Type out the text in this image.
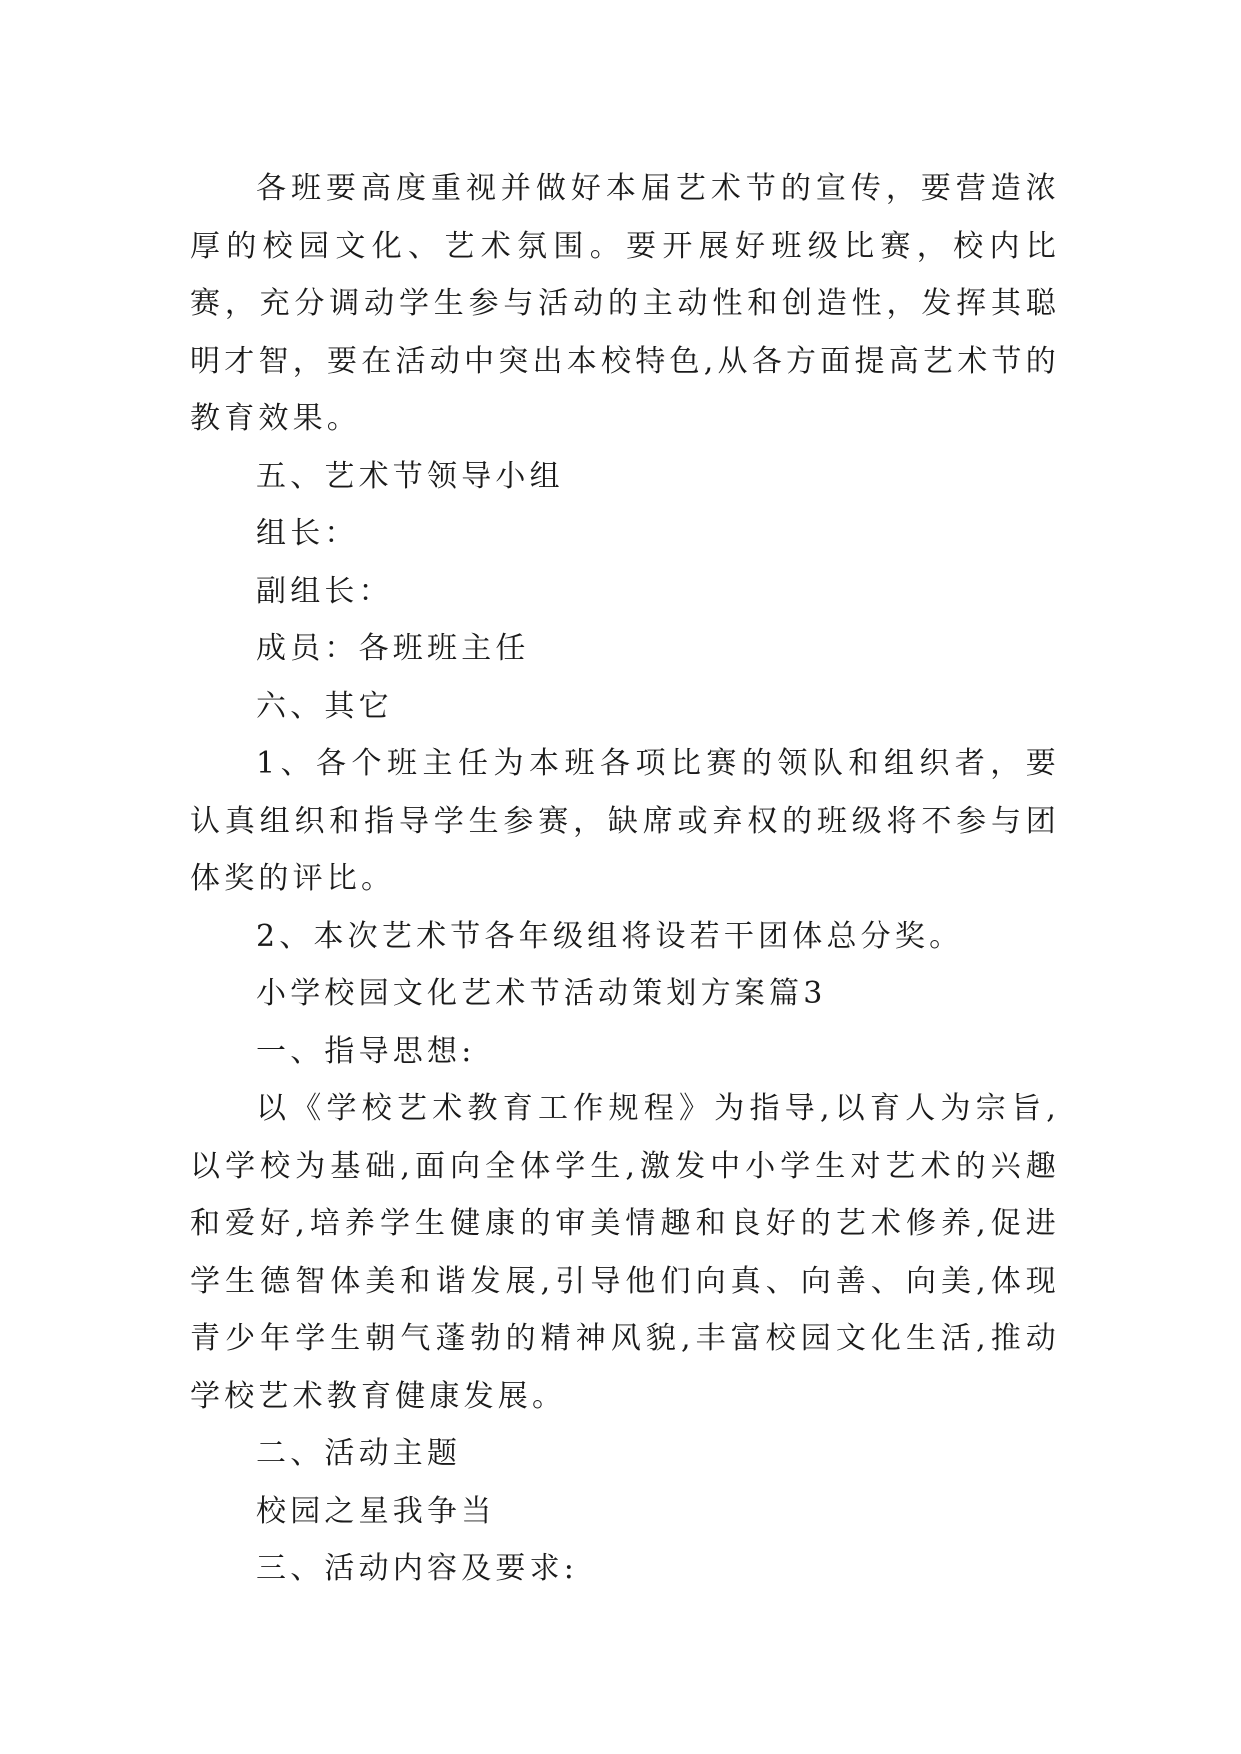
各班要高度重视并做好本届艺术节的宣传，要营造浓厚的校园文化、艺术氛围。要开展好班级比赛，校内比赛，充分调动学生参与活动的主动性和创造性，发挥其聪明才智，要在活动中突出本校特色,从各方面提高艺术节的教育效果。

五、艺术节领导小组

组长：

副组长：

成员：各班班主任

六、其它

1、各个班主任为本班各项比赛的领队和组织者，要认真组织和指导学生参赛，缺席或弃权的班级将不参与团体奖的评比。

2、本次艺术节各年级组将设若干团体总分奖。

小学校园文化艺术节活动策划方案篇3

一、指导思想:

以《学校艺术教育工作规程》为指导,以育人为宗旨,以学校为基础,面向全体学生,激发中小学生对艺术的兴趣和爱好,培养学生健康的审美情趣和良好的艺术修养,促进学生德智体美和谐发展,引导他们向真、向善、向美,体现青少年学生朝气蓬勃的精神风貌,丰富校园文化生活,推动学校艺术教育健康发展。

二、活动主题

校园之星我争当

三、活动内容及要求:
